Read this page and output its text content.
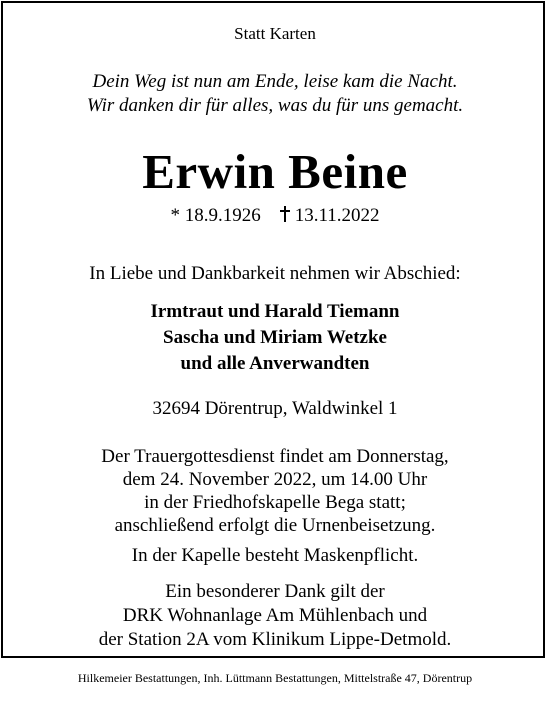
Statt Karten
Dein Weg ist nun am Ende, leise kam die Nacht.
Wir danken dir für alles, was du für uns gemacht.
Erwin Beine
* 18.9.1926 13.11.2022
In Liebe und Dankbarkeit nehmen wir Abschied:
Irmtraut und Harald Tiemann
Sascha und Miriam Wetzke
und alle Anverwandten
32694 Dörentrup, Waldwinkel 1
Der Trauergottesdienst findet am Donnerstag,
dem 24. November 2022, um 14.00 Uhr
in der Friedhofskapelle Bega statt;
anschließend erfolgt die Urnenbeisetzung.
In der Kapelle besteht Maskenpflicht.
Ein besonderer Dank gilt der
DRK Wohnanlage Am Mühlenbach und
der Station 2A vom Klinikum Lippe-Detmold.
Hilkemeier Bestattungen, Inh. Lüttmann Bestattungen, Mittelstraße 47, Dörentrup
